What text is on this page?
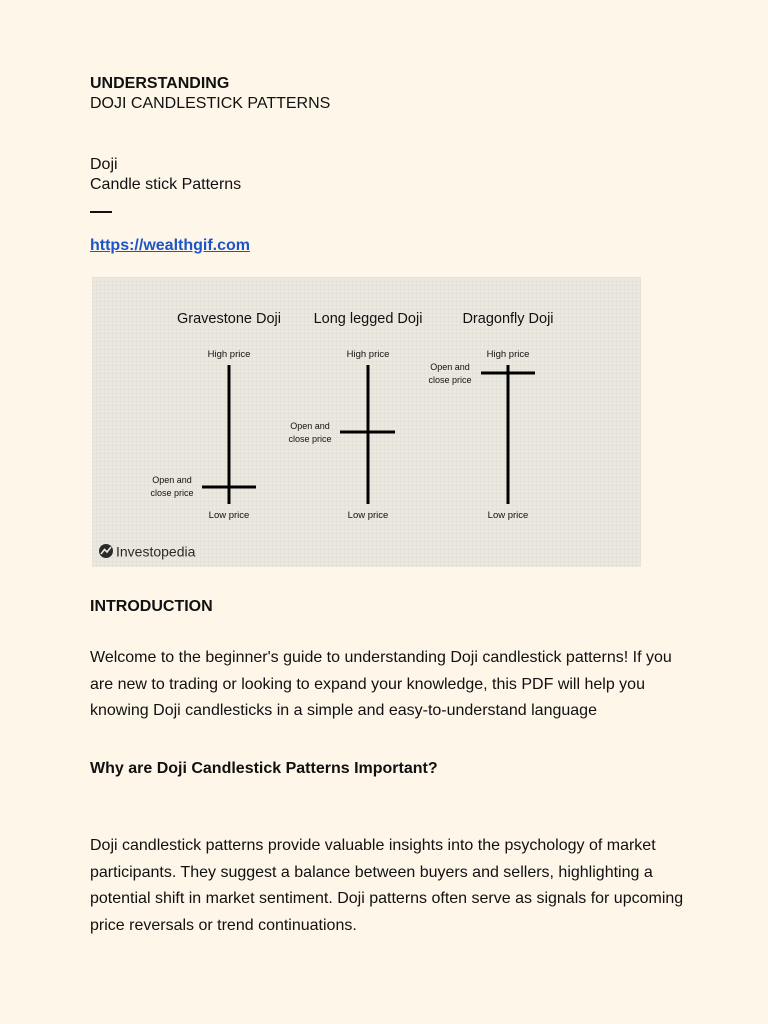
UNDERSTANDING

DOJI CANDLESTICK PATTERNS

Doji

Candle stick Patterns

https://wealthgif.com
INTRODUCTION

Welcome to the beginner's guide to understanding Doji candlestick patterns! If you are new to trading or looking to expand your knowledge, this PDF will help you knowing Doji candlesticks in a simple and easy-to-understand language

Why are Doji Candlestick Patterns Important?

Doji candlestick patterns provide valuable insights into the psychology of market participants. They suggest a balance between buyers and sellers, highlighting a potential shift in market sentiment. Doji patterns often serve as signals for upcoming price reversals or trend continuations.

Gravestone Doji
High price
Open and
close price
Low price
Long legged Doji
High price
Open and
close price
Low price
Dragonfly Doji
High price
Open and
close price
Low price
Investopedia
